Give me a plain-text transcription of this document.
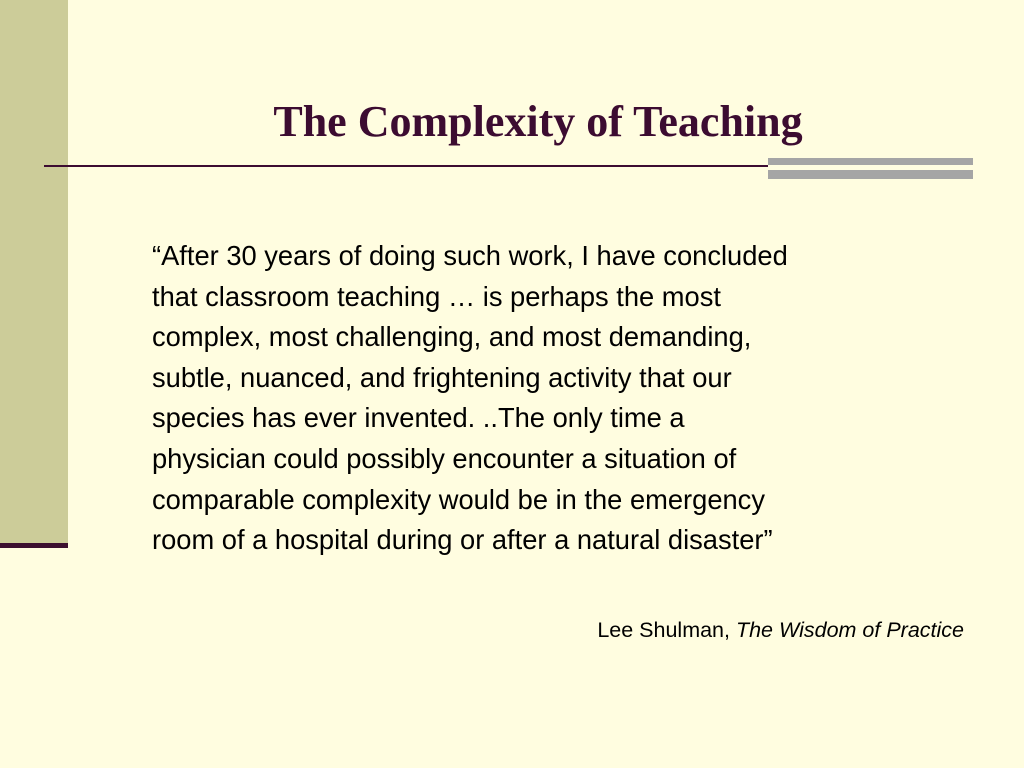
The Complexity of Teaching

“After 30 years of doing such work, I have concluded
that classroom teaching … is perhaps the most
complex, most challenging, and most demanding,
subtle, nuanced, and frightening activity that our
species has ever invented. ..The only time a
physician could possibly encounter a situation of
comparable complexity would be in the emergency
room of a hospital during or after a natural disaster”

Lee Shulman, The Wisdom of Practice
